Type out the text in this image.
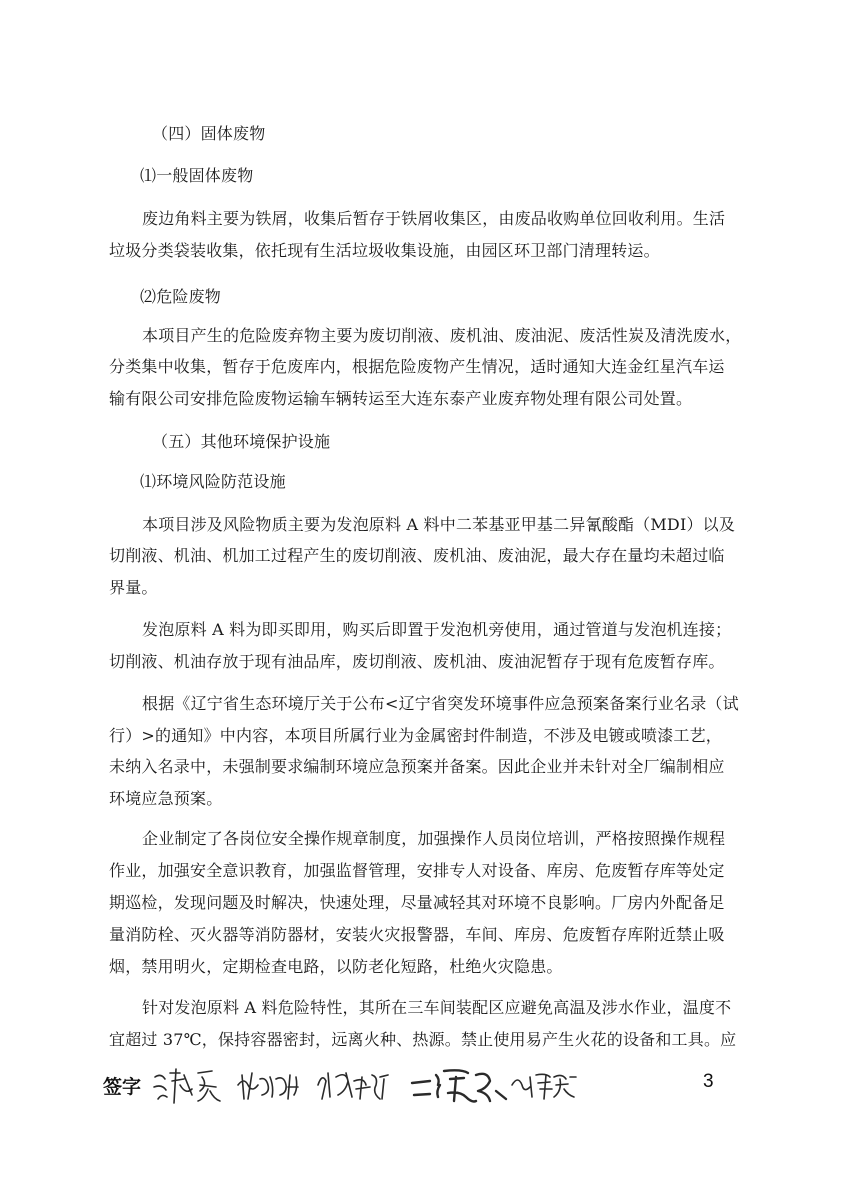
（四）固体废物
⑴一般固体废物
废边角料主要为铁屑，收集后暂存于铁屑收集区，由废品收购单位回收利用。生活
垃圾分类袋装收集，依托现有生活垃圾收集设施，由园区环卫部门清理转运。
⑵危险废物
本项目产生的危险废弃物主要为废切削液、废机油、废油泥、废活性炭及清洗废水，
分类集中收集，暂存于危废库内，根据危险废物产生情况，适时通知大连金红星汽车运
输有限公司安排危险废物运输车辆转运至大连东泰产业废弃物处理有限公司处置。
（五）其他环境保护设施
⑴环境风险防范设施
本项目涉及风险物质主要为发泡原料 A 料中二苯基亚甲基二异氰酸酯（MDI）以及
切削液、机油、机加工过程产生的废切削液、废机油、废油泥，最大存在量均未超过临
界量。
发泡原料 A 料为即买即用，购买后即置于发泡机旁使用，通过管道与发泡机连接；
切削液、机油存放于现有油品库，废切削液、废机油、废油泥暂存于现有危废暂存库。
根据《辽宁省生态环境厅关于公布<辽宁省突发环境事件应急预案备案行业名录（试
行）>的通知》中内容，本项目所属行业为金属密封件制造，不涉及电镀或喷漆工艺，
未纳入名录中，未强制要求编制环境应急预案并备案。因此企业并未针对全厂编制相应
环境应急预案。
企业制定了各岗位安全操作规章制度，加强操作人员岗位培训，严格按照操作规程
作业，加强安全意识教育，加强监督管理，安排专人对设备、库房、危废暂存库等处定
期巡检，发现问题及时解决，快速处理，尽量减轻其对环境不良影响。厂房内外配备足
量消防栓、灭火器等消防器材，安装火灾报警器，车间、库房、危废暂存库附近禁止吸
烟，禁用明火，定期检查电路，以防老化短路，杜绝火灾隐患。
针对发泡原料 A 料危险特性，其所在三车间装配区应避免高温及涉水作业，温度不
宜超过 37℃，保持容器密封，远离火种、热源。禁止使用易产生火花的设备和工具。应
签字	3
